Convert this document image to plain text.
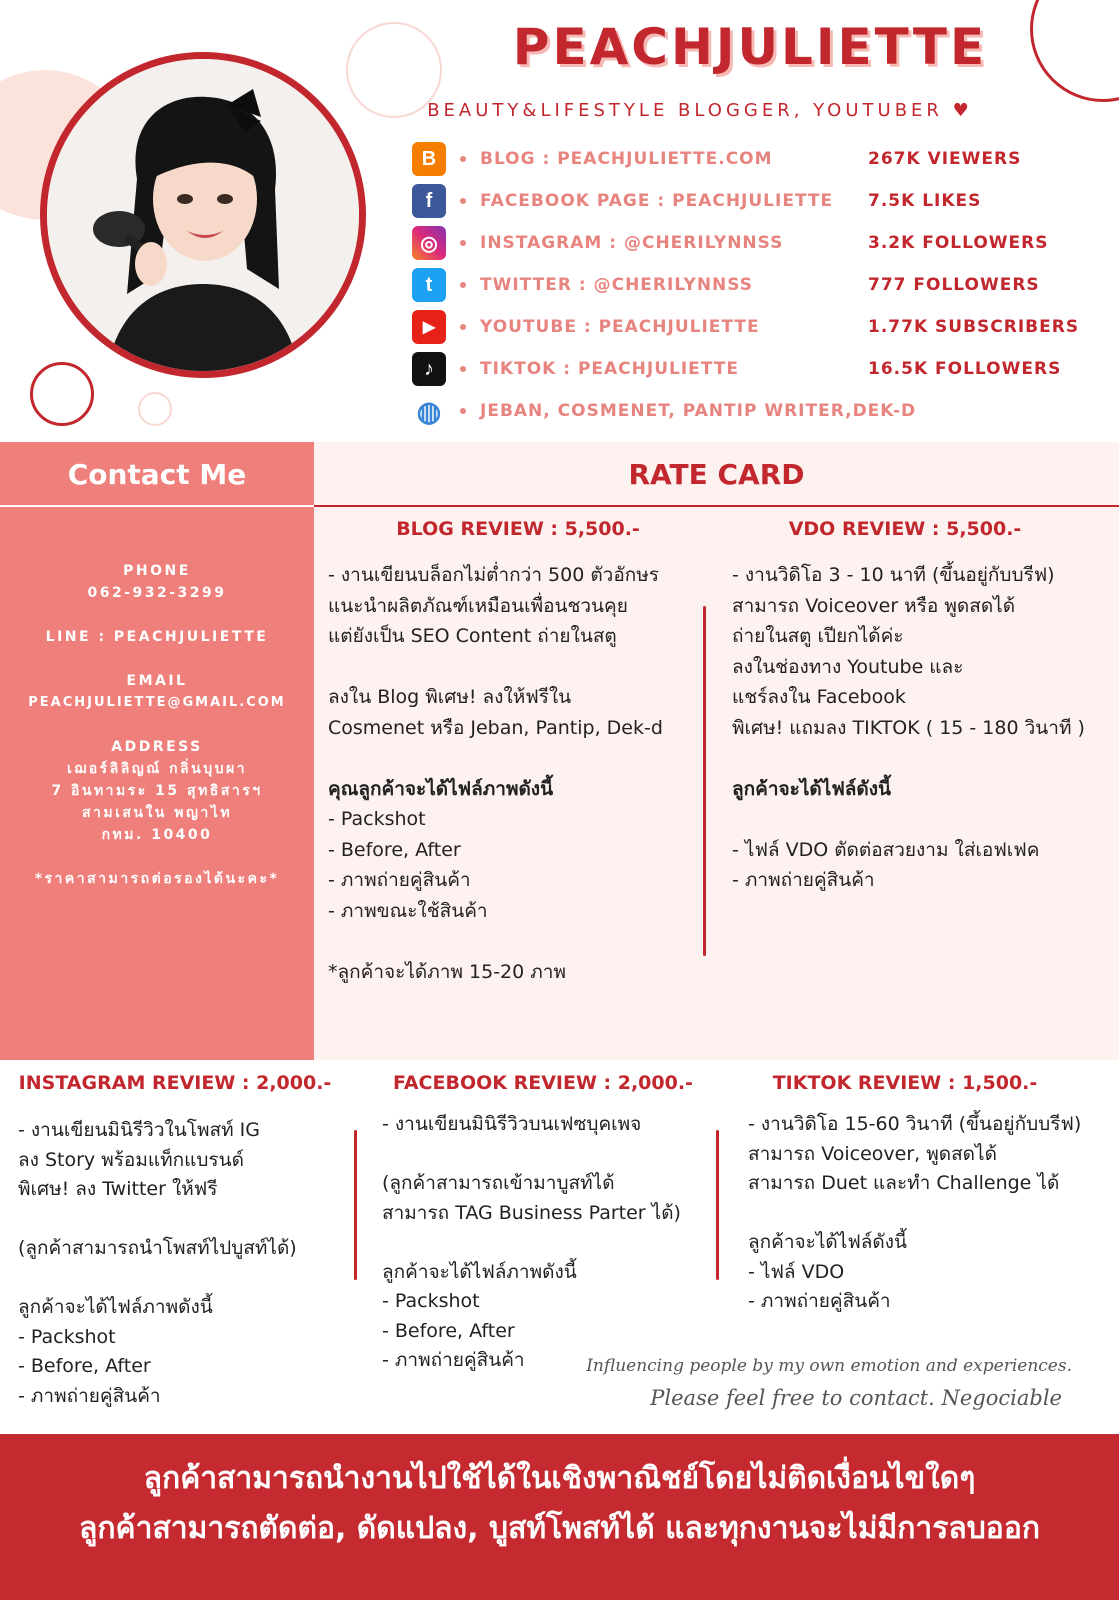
PEACHJULIETTE
BEAUTY&LIFESTYLE BLOGGER, YOUTUBER ♥
B	BLOG : PEACHJULIETTE.COM	267K VIEWERS
f	FACEBOOK PAGE : PEACHJULIETTE	7.5K LIKES
◎	INSTAGRAM : @CHERILYNNSS	3.2K FOLLOWERS
t	TWITTER : @CHERILYNNSS	777 FOLLOWERS
▶	YOUTUBE : PEACHJULIETTE	1.77K SUBSCRIBERS
♪	TIKTOK : PEACHJULIETTE	16.5K FOLLOWERS
◍ JEBAN, COSMENET, PANTIP WRITER,DEK-D
Contact Me
PHONE
062-932-3299
LINE : PEACHJULIETTE
EMAIL
PEACHJULIETTE@GMAIL.COM
ADDRESS
เฌอร์ลิลิญณ์ กลิ่นบุบผา
7 อินทามระ 15 สุทธิสารฯ
สามเสนใน พญาไท
กทม. 10400
*ราคาสามารถต่อรองได้นะคะ*
RATE CARD
BLOG REVIEW : 5,500.-
- งานเขียนบล็อกไม่ต่ำกว่า 500 ตัวอักษร
แนะนำผลิตภัณฑ์เหมือนเพื่อนชวนคุย
แต่ยังเป็น SEO Content ถ่ายในสตู
ลงใน Blog พิเศษ! ลงให้ฟรีใน
Cosmenet หรือ Jeban, Pantip, Dek-d
คุณลูกค้าจะได้ไฟล์ภาพดังนี้
- Packshot
- Before, After
- ภาพถ่ายคู่สินค้า
- ภาพขณะใช้สินค้า
*ลูกค้าจะได้ภาพ 15-20 ภาพ
VDO REVIEW : 5,500.-
- งานวิดิโอ 3 - 10 นาที (ขึ้นอยู่กับบรีฟ)
สามารถ Voiceover หรือ พูดสดได้
ถ่ายในสตู เปียกได้ค่ะ
ลงในช่องทาง Youtube และ
แชร์ลงใน Facebook
พิเศษ! แถมลง TIKTOK ( 15 - 180 วินาที )
ลูกค้าจะได้ไฟล์ดังนี้
- ไฟล์ VDO ตัดต่อสวยงาม ใส่เอฟเฟค
- ภาพถ่ายคู่สินค้า
INSTAGRAM REVIEW : 2,000.-
- งานเขียนมินิรีวิวในโพสท์ IG
ลง Story พร้อมแท็กแบรนด์
พิเศษ! ลง Twitter ให้ฟรี
(ลูกค้าสามารถนำโพสท์ไปบูสท์ได้)
ลูกค้าจะได้ไฟล์ภาพดังนี้
- Packshot
- Before, After
- ภาพถ่ายคู่สินค้า
FACEBOOK REVIEW : 2,000.-
- งานเขียนมินิรีวิวบนเฟซบุคเพจ
(ลูกค้าสามารถเข้ามาบูสท์ได้
สามารถ TAG Business Parter ได้)
ลูกค้าจะได้ไฟล์ภาพดังนี้
- Packshot
- Before, After
- ภาพถ่ายคู่สินค้า
TIKTOK REVIEW : 1,500.-
- งานวิดิโอ 15-60 วินาที (ขึ้นอยู่กับบรีฟ)
สามารถ Voiceover, พูดสดได้
สามารถ Duet และทำ Challenge ได้
ลูกค้าจะได้ไฟล์ดังนี้
- ไฟล์ VDO
- ภาพถ่ายคู่สินค้า
Influencing people by my own emotion and experiences.
Please feel free to contact. Negociable
ลูกค้าสามารถนำงานไปใช้ได้ในเชิงพาณิชย์โดยไม่ติดเงื่อนไขใดๆ
ลูกค้าสามารถตัดต่อ, ดัดแปลง, บูสท์โพสท์ได้ และทุกงานจะไม่มีการลบออก
